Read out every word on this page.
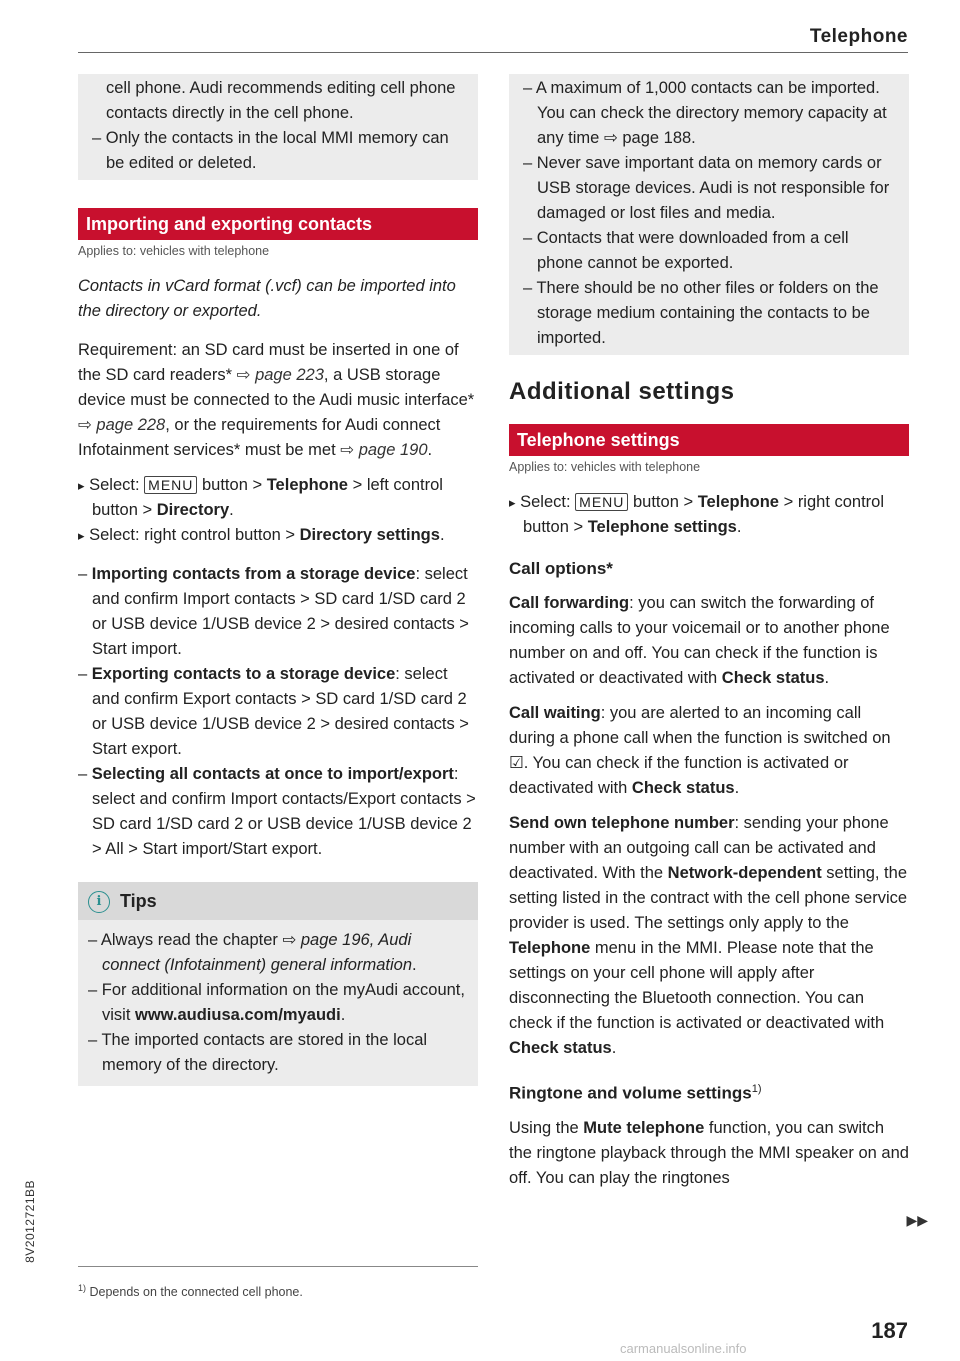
Telephone

cell phone. Audi recommends editing cell phone contacts directly in the cell phone.

– Only the contacts in the local MMI memory can be edited or deleted.

Importing and exporting contacts
Applies to: vehicles with telephone

Contacts in vCard format (.vcf) can be imported into the directory or exported.

Requirement: an SD card must be inserted in one of the SD card readers* ⇨ page 223, a USB storage device must be connected to the Audi music interface* ⇨ page 228, or the requirements for Audi connect Infotainment services* must be met ⇨ page 190.

▸ Select: MENU button > Telephone > left control button > Directory.

▸ Select: right control button > Directory settings.

– Importing contacts from a storage device: select and confirm Import contacts > SD card 1/SD card 2 or USB device 1/USB device 2 > desired contacts > Start import.

– Exporting contacts to a storage device: select and confirm Export contacts > SD card 1/SD card 2 or USB device 1/USB device 2 > desired contacts > Start export.

– Selecting all contacts at once to import/export: select and confirm Import contacts/Export contacts > SD card 1/SD card 2 or USB device 1/USB device 2 > All > Start import/Start export.

i Tips

– Always read the chapter ⇨ page 196, Audi connect (Infotainment) general information.

– For additional information on the myAudi account, visit www.audiusa.com/myaudi.

– The imported contacts are stored in the local memory of the directory.

– A maximum of 1,000 contacts can be imported. You can check the directory memory capacity at any time ⇨ page 188.

– Never save important data on memory cards or USB storage devices. Audi is not responsible for damaged or lost files and media.

– Contacts that were downloaded from a cell phone cannot be exported.

– There should be no other files or folders on the storage medium containing the contacts to be imported.

Additional settings
Telephone settings
Applies to: vehicles with telephone

▸ Select: MENU button > Telephone > right control button > Telephone settings.

Call options*

Call forwarding: you can switch the forwarding of incoming calls to your voicemail or to another phone number on and off. You can check if the function is activated or deactivated with Check status.

Call waiting: you are alerted to an incoming call during a phone call when the function is switched on ☑. You can check if the function is activated or deactivated with Check status.

Send own telephone number: sending your phone number with an outgoing call can be activated and deactivated. With the Network-dependent setting, the setting listed in the contract with the cell phone service provider is used. The settings only apply to the Telephone menu in the MMI. Please note that the settings on your cell phone will apply after disconnecting the Bluetooth connection. You can check if the function is activated or deactivated with Check status.

Ringtone and volume settings$^{1)}$

Using the Mute telephone function, you can switch the ringtone playback through the MMI speaker on and off. You can play the ringtones

▶▶
$^{1)}$ Depends on the connected cell phone.
8V2012721BB
187
carmanualsonline.info
